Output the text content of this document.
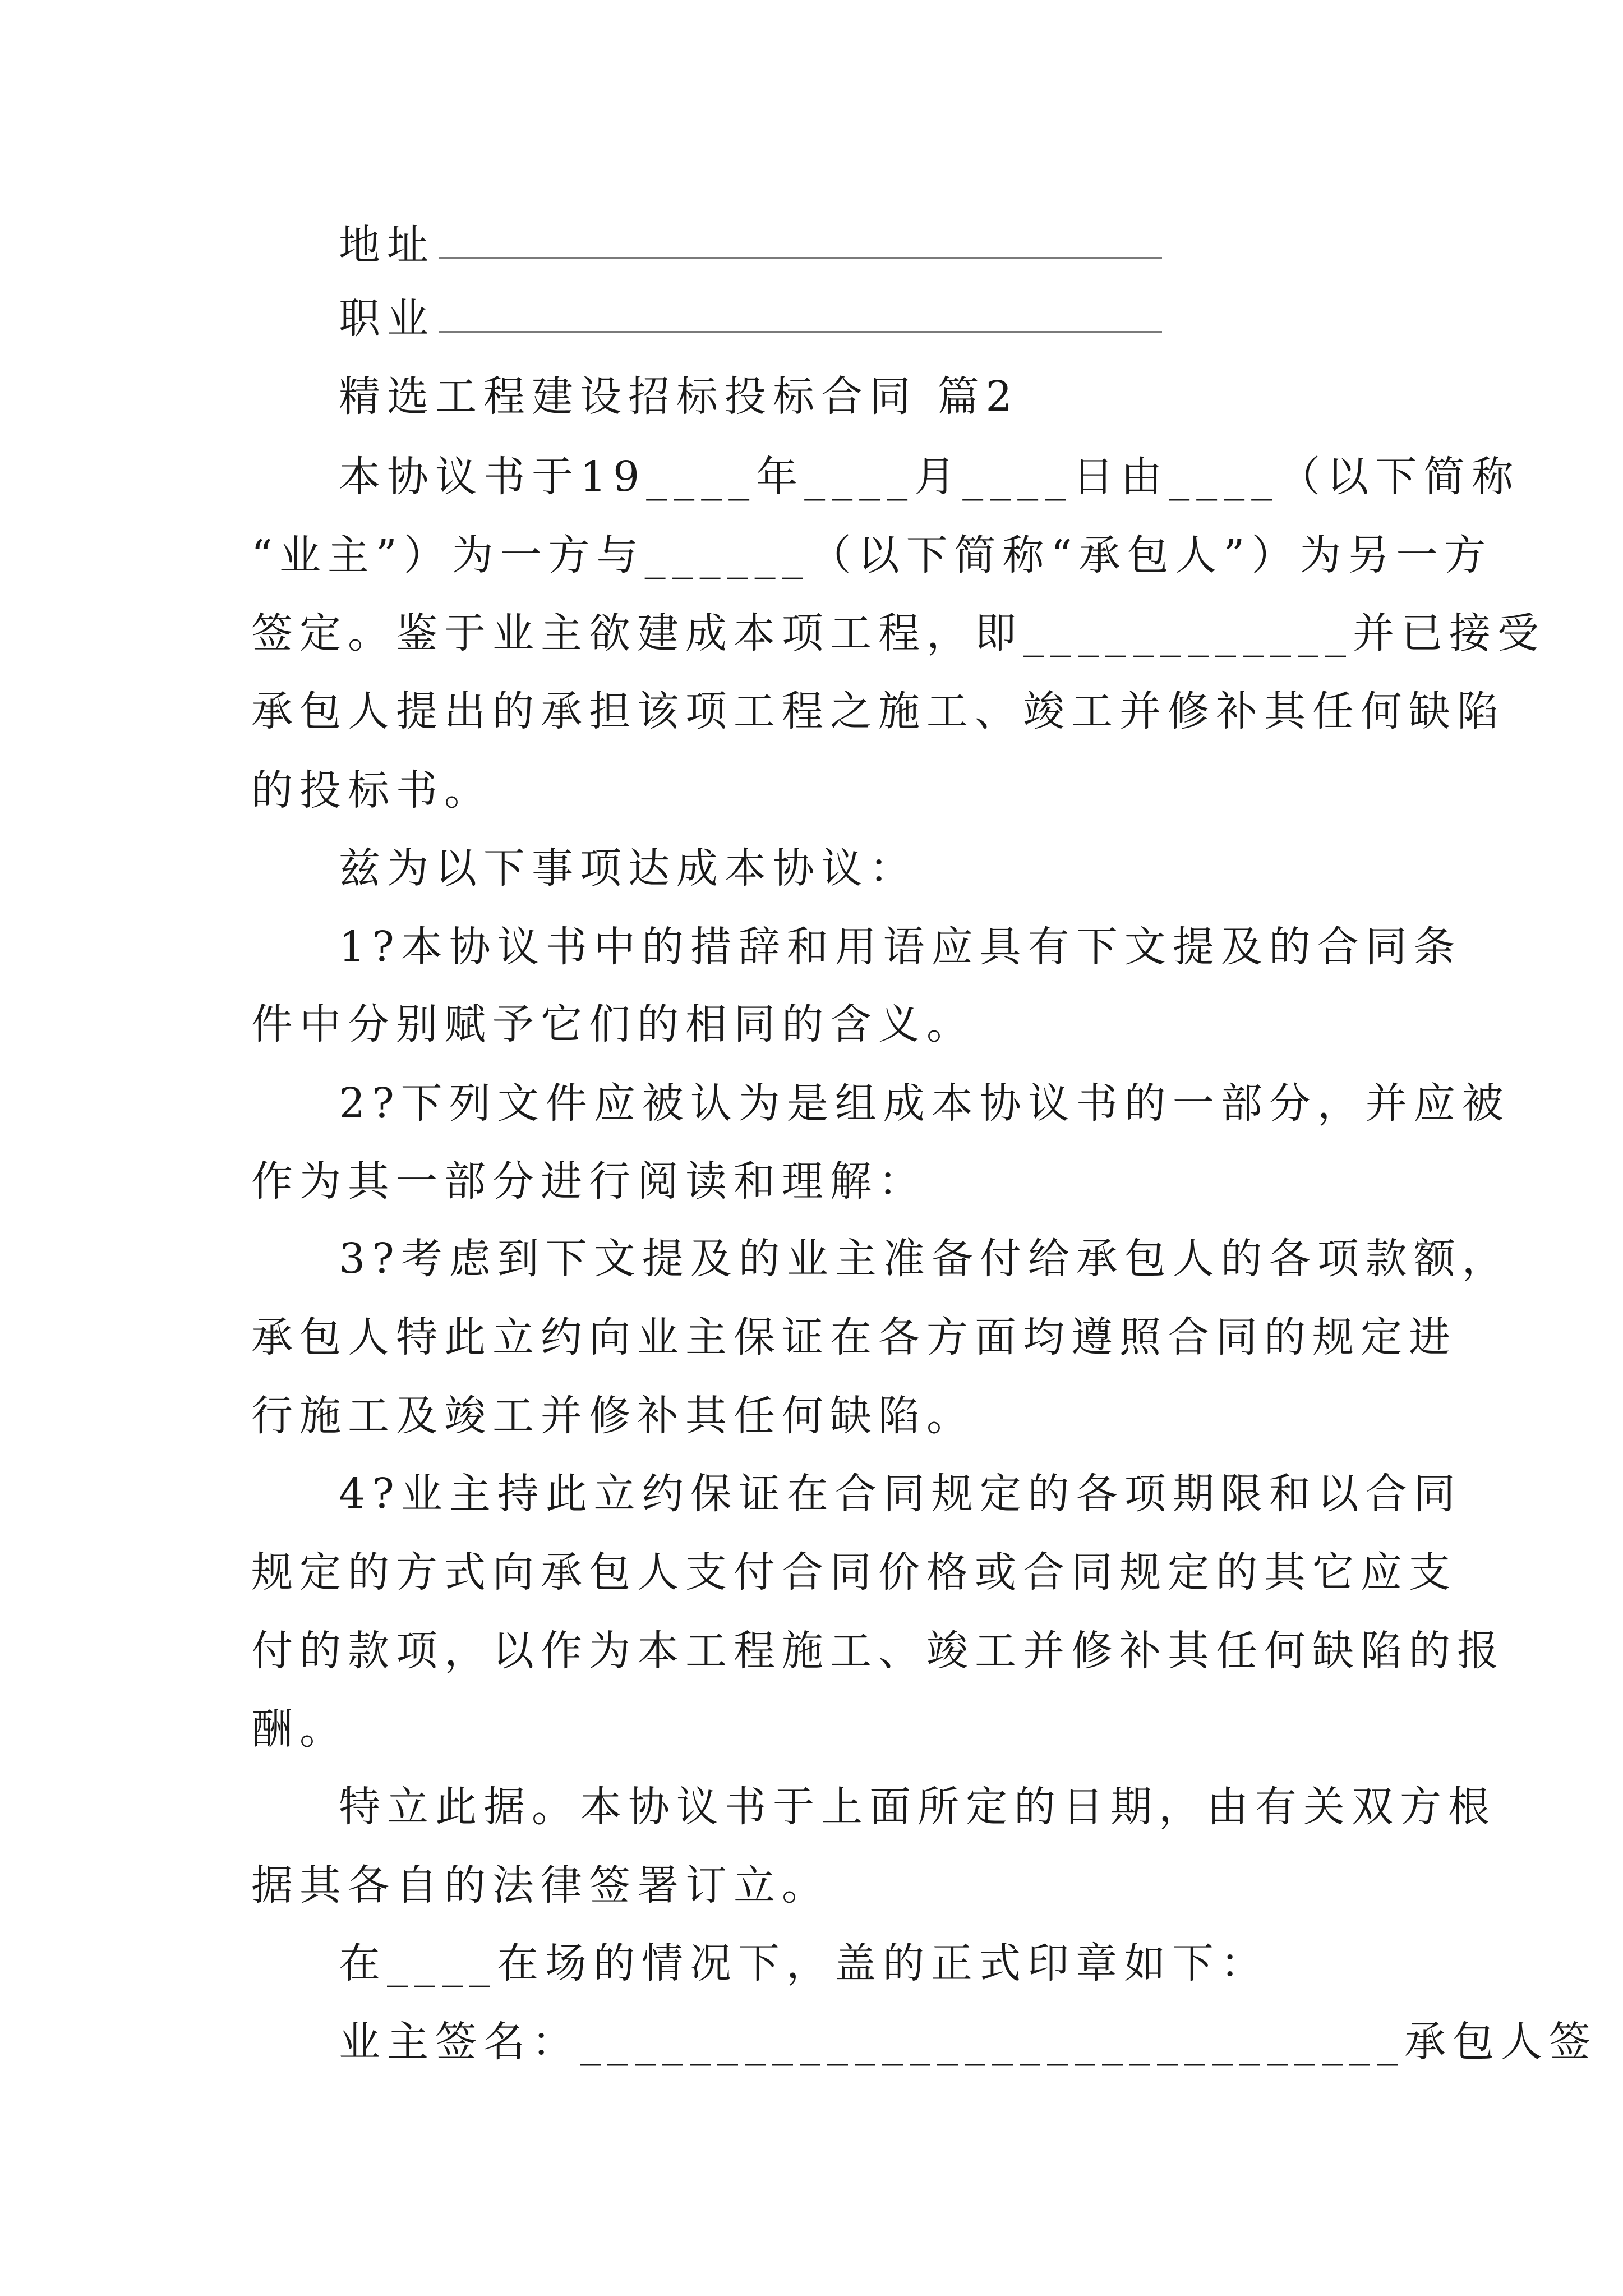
地址
职业
精选工程建设招标投标合同 篇2
本协议书于19____年____月____日由____（以下简称
“业主”）为一方与______（以下简称“承包人”）为另一方
签定。鉴于业主欲建成本项工程，即____________并已接受
承包人提出的承担该项工程之施工、竣工并修补其任何缺陷
的投标书。
兹为以下事项达成本协议：
1?本协议书中的措辞和用语应具有下文提及的合同条
件中分别赋予它们的相同的含义。
2?下列文件应被认为是组成本协议书的一部分，并应被
作为其一部分进行阅读和理解：
3?考虑到下文提及的业主准备付给承包人的各项款额，
承包人特此立约向业主保证在各方面均遵照合同的规定进
行施工及竣工并修补其任何缺陷。
4?业主持此立约保证在合同规定的各项期限和以合同
规定的方式向承包人支付合同价格或合同规定的其它应支
付的款项，以作为本工程施工、竣工并修补其任何缺陷的报
酬。
特立此据。本协议书于上面所定的日期，由有关双方根
据其各自的法律签署订立。
在____在场的情况下，盖的正式印章如下：
业主签名：______________________________承包人签
